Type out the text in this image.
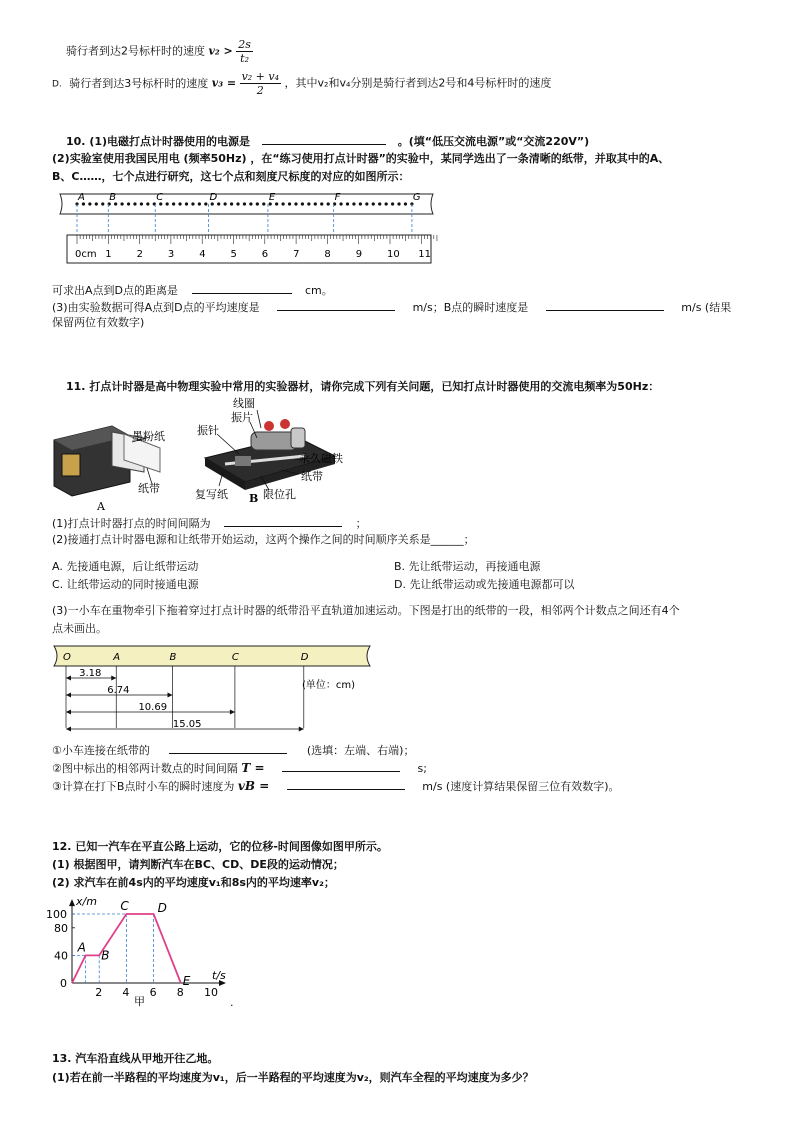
骑行者到达2号标杆时的速度 $v_2 > \frac{2s}{\text{t₂}}$
D. 骑行者到达3号标杆时的速度 $v_3 = \frac{\text{v₂ + v₄}}{2}$ ，其中v₂和v₄分别是骑行者到达2号和4号标杆时的速度
10. (1)电磁打点计时器使用的电源是	。(填“低压交流电源”或“交流220V”)
(2)实验室使用我国民用电 (频率50Hz) ，在“练习使用打点计时器”的实验中，某同学选出了一条清晰的纸带，并取其中的A、
B、C……，七个点进行研究，这七个点和刻度尺标度的对应的如图所示：
0cm 1 2 3 4 5 6 7 8 9 10 11
A B	C	D	E	F	G
可求出A点到D点的距离是	cm。
(3)由实验数据可得A点到D点的平均速度是	m/s；B点的瞬时速度是	m/s (结果
保留两位有效数字)
11. 打点计时器是高中物理实验中常用的实验器材，请你完成下列有关问题，已知打点计时器使用的交流电频率为50Hz：
墨粉纸
纸带
A
线圈
振片
振针
永久磁铁
纸带
复写纸 B 限位孔
(1)打点计时器打点的时间间隔为	；
(2)接通打点计时器电源和让纸带开始运动，这两个操作之间的时间顺序关系是______；
A. 先接通电源，后让纸带运动	B. 先让纸带运动，再接通电源
C. 让纸带运动的同时接通电源	D. 先让纸带运动或先接通电源都可以
(3)一小车在重物牵引下拖着穿过打点计时器的纸带沿平直轨道加速运动。下图是打出的纸带的一段，相邻两个计数点之间还有4个
点未画出。
O	A	B	C	D
3.18
6.74
10.69
15.05
(单位：cm)
①小车连接在纸带的	(选填：左端、右端)；
②图中标出的相邻两计数点的时间间隔 T =	s;
③计算在打下B点时小车的瞬时速度为 vB =	m/s (速度计算结果保留三位有效数字)。
12. 已知一汽车在平直公路上运动，它的位移-时间图像如图甲所示。
(1) 根据图甲，请判断汽车在BC、CD、DE段的运动情况；
(2) 求汽车在前4s内的平均速度v₁和8s内的平均速率v₂；
x/m
t/s
0
2 4 6 8 10
40
80
100
甲
A
B
C D
E
.
13. 汽车沿直线从甲地开往乙地。
(1)若在前一半路程的平均速度为v₁，后一半路程的平均速度为v₂，则汽车全程的平均速度为多少？
